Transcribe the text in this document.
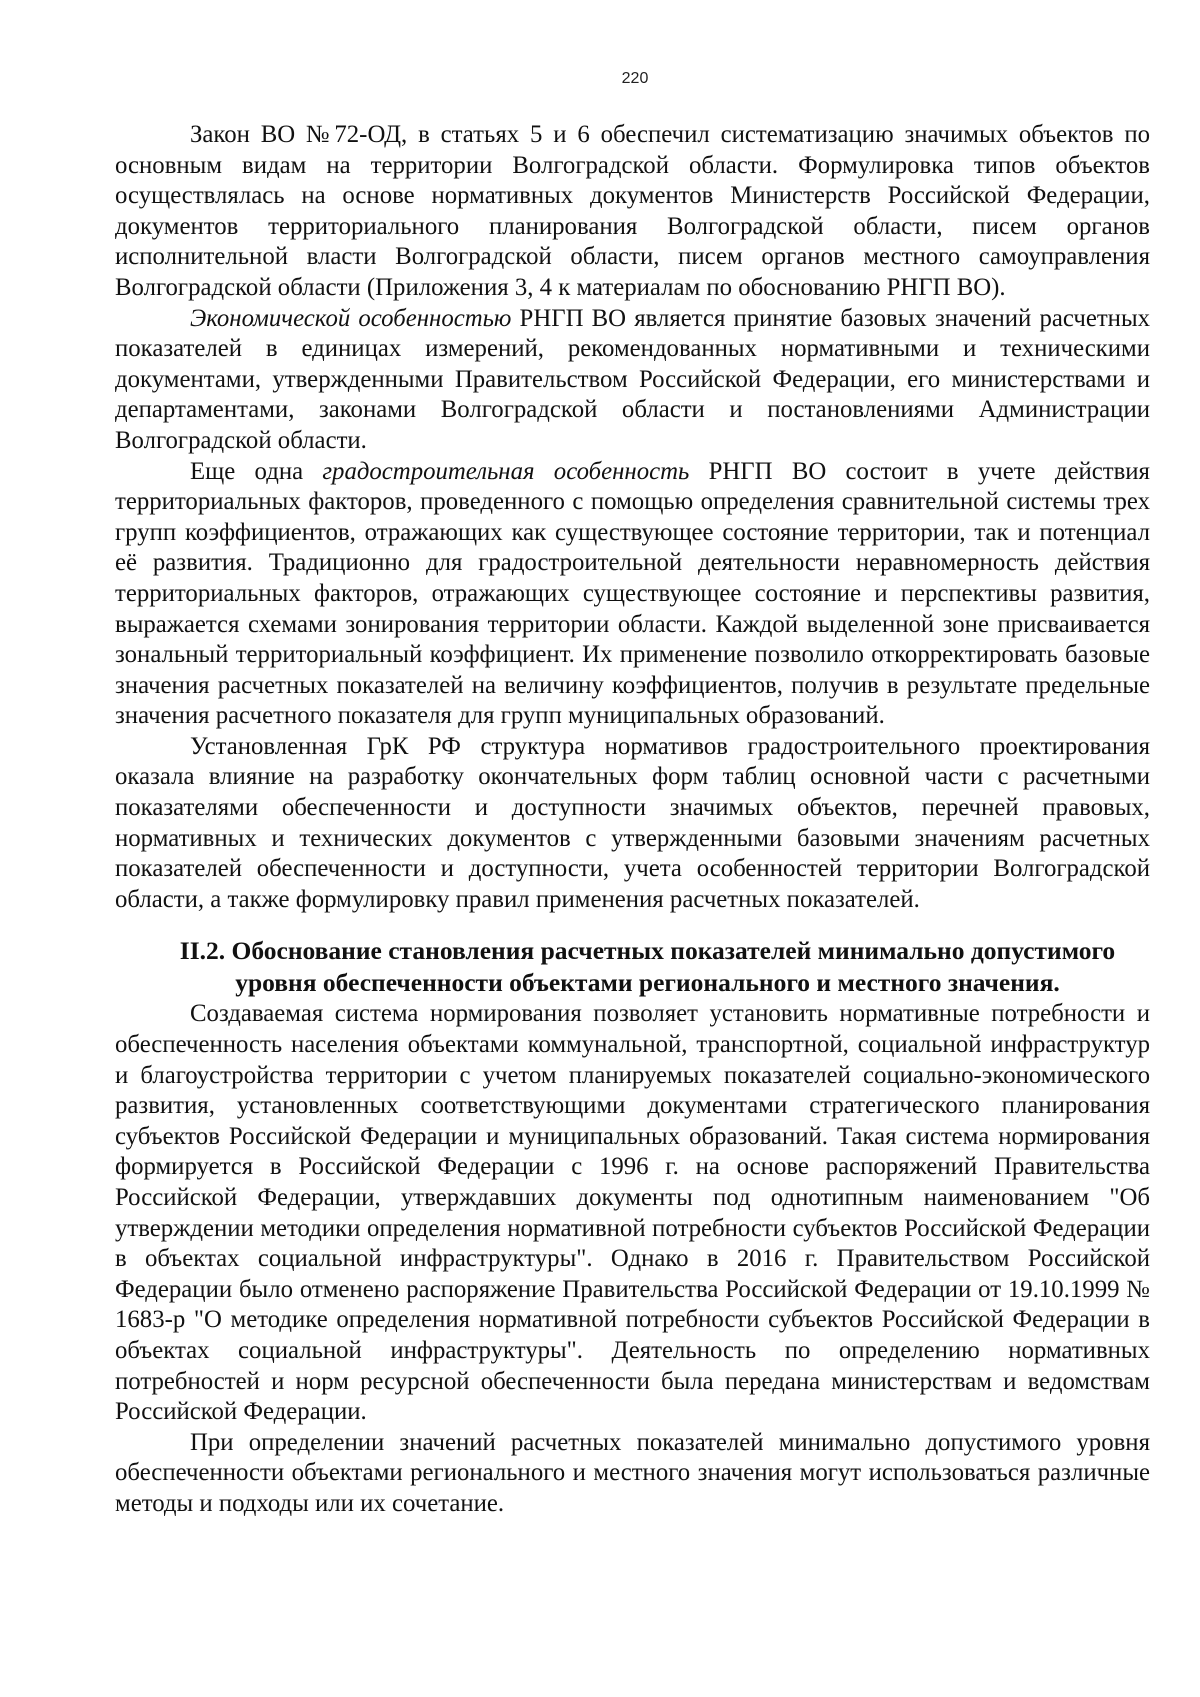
220

Закон ВО №72-ОД, в статьях 5 и 6 обеспечил систематизацию значимых объектов по основным видам на территории Волгоградской области. Формулировка типов объектов осуществлялась на основе нормативных документов Министерств Российской Федерации, документов территориального планирования Волгоградской области, писем органов исполнительной власти Волгоградской области, писем органов местного самоуправления Волгоградской области (Приложения 3, 4 к материалам по обоснованию РНГП ВО).

Экономической особенностью РНГП ВО является принятие базовых значений расчетных показателей в единицах измерений, рекомендованных нормативными и техническими документами, утвержденными Правительством Российской Федерации, его министерствами и департаментами, законами Волгоградской области и постановлениями Администрации Волгоградской области.

Еще одна градостроительная особенность РНГП ВО состоит в учете действия территориальных факторов, проведенного с помощью определения сравнительной системы трех групп коэффициентов, отражающих как существующее состояние территории, так и потенциал её развития. Традиционно для градостроительной деятельности неравномерность действия территориальных факторов, отражающих существующее состояние и перспективы развития, выражается схемами зонирования территории области. Каждой выделенной зоне присваивается зональный территориальный коэффициент. Их применение позволило откорректировать базовые значения расчетных показателей на величину коэффициентов, получив в результате предельные значения расчетного показателя для групп муниципальных образований.

Установленная ГрК РФ структура нормативов градостроительного проектирования оказала влияние на разработку окончательных форм таблиц основной части с расчетными показателями обеспеченности и доступности значимых объектов, перечней правовых, нормативных и технических документов с утвержденными базовыми значениям расчетных показателей обеспеченности и доступности, учета особенностей территории Волгоградской области, а также формулировку правил применения расчетных показателей.

II.2. Обоснование становления расчетных показателей минимально допустимого
уровня обеспеченности объектами регионального и местного значения.

Создаваемая система нормирования позволяет установить нормативные потребности и обеспеченность населения объектами коммунальной, транспортной, социальной инфраструктур и благоустройства территории с учетом планируемых показателей социально-экономического развития, установленных соответствующими документами стратегического планирования субъектов Российской Федерации и муниципальных образований. Такая система нормирования формируется в Российской Федерации с 1996 г. на основе распоряжений Правительства Российской Федерации, утверждавших документы под однотипным наименованием "Об утверждении методики определения нормативной потребности субъектов Российской Федерации в объектах социальной инфраструктуры". Однако в 2016 г. Правительством Российской Федерации было отменено распоряжение Правительства Российской Федерации от 19.10.1999 № 1683-р "О методике определения нормативной потребности субъектов Российской Федерации в объектах социальной инфраструктуры". Деятельность по определению нормативных потребностей и норм ресурсной обеспеченности была передана министерствам и ведомствам Российской Федерации.

При определении значений расчетных показателей минимально допустимого уровня обеспеченности объектами регионального и местного значения могут использоваться различные методы и подходы или их сочетание.
